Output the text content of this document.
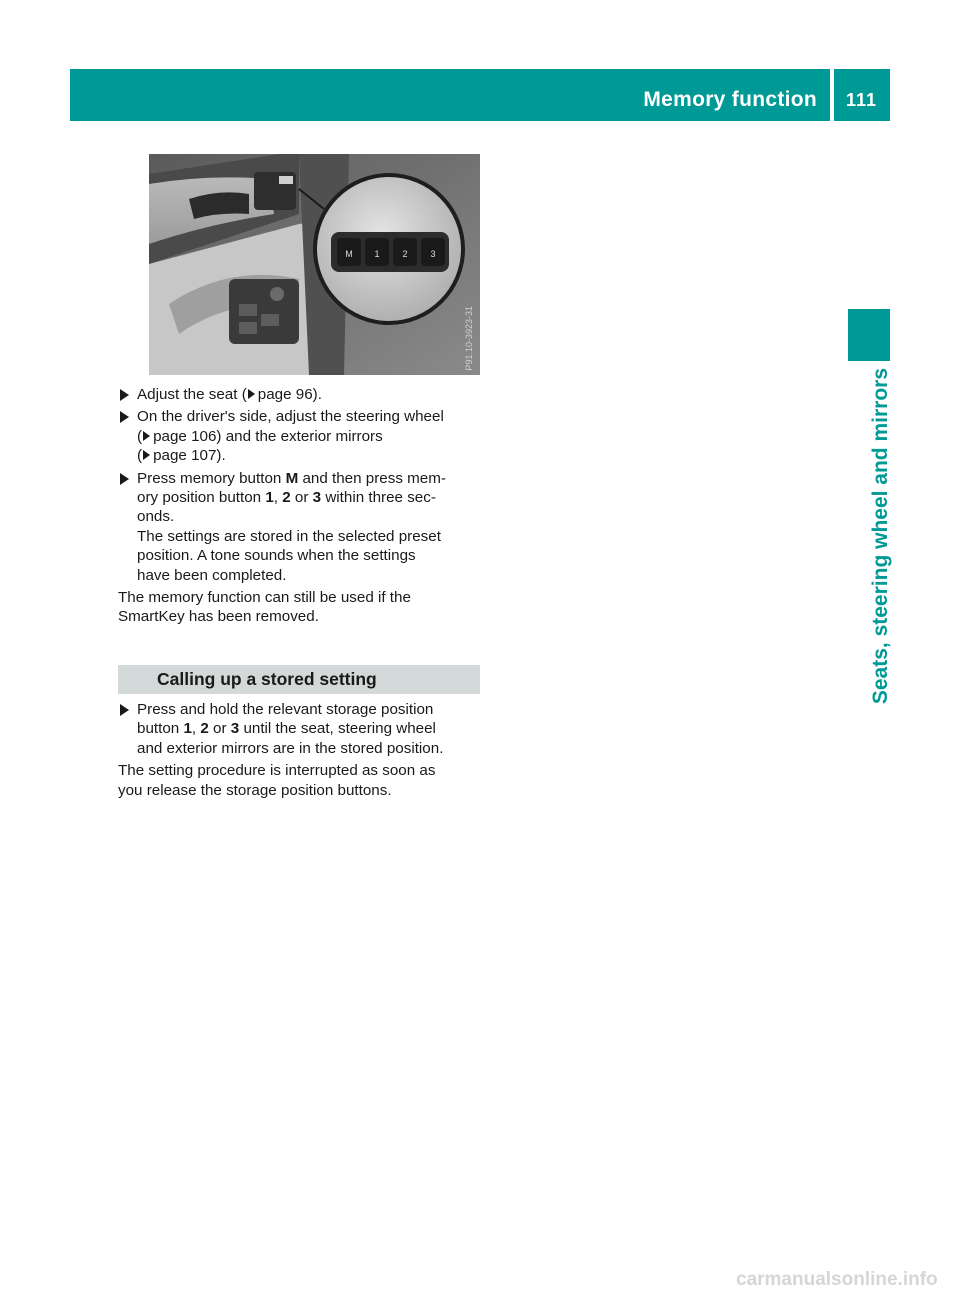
Memory function 111
Seats, steering wheel and mirrors
M 1	2	3
P91.10-3923-31
Adjust the seat ( page 96).
On the driver's side, adjust the steering wheel
( page 106) and the exterior mirrors
( page 107).
Press memory button M and then press mem-
ory position button 1, 2 or 3 within three sec-
onds.
The settings are stored in the selected preset
position. A tone sounds when the settings
have been completed.
The memory function can still be used if the
SmartKey has been removed.
Calling up a stored setting
Press and hold the relevant storage position
button 1, 2 or 3 until the seat, steering wheel
and exterior mirrors are in the stored position.
The setting procedure is interrupted as soon as
you release the storage position buttons.
carmanualsonline.info
